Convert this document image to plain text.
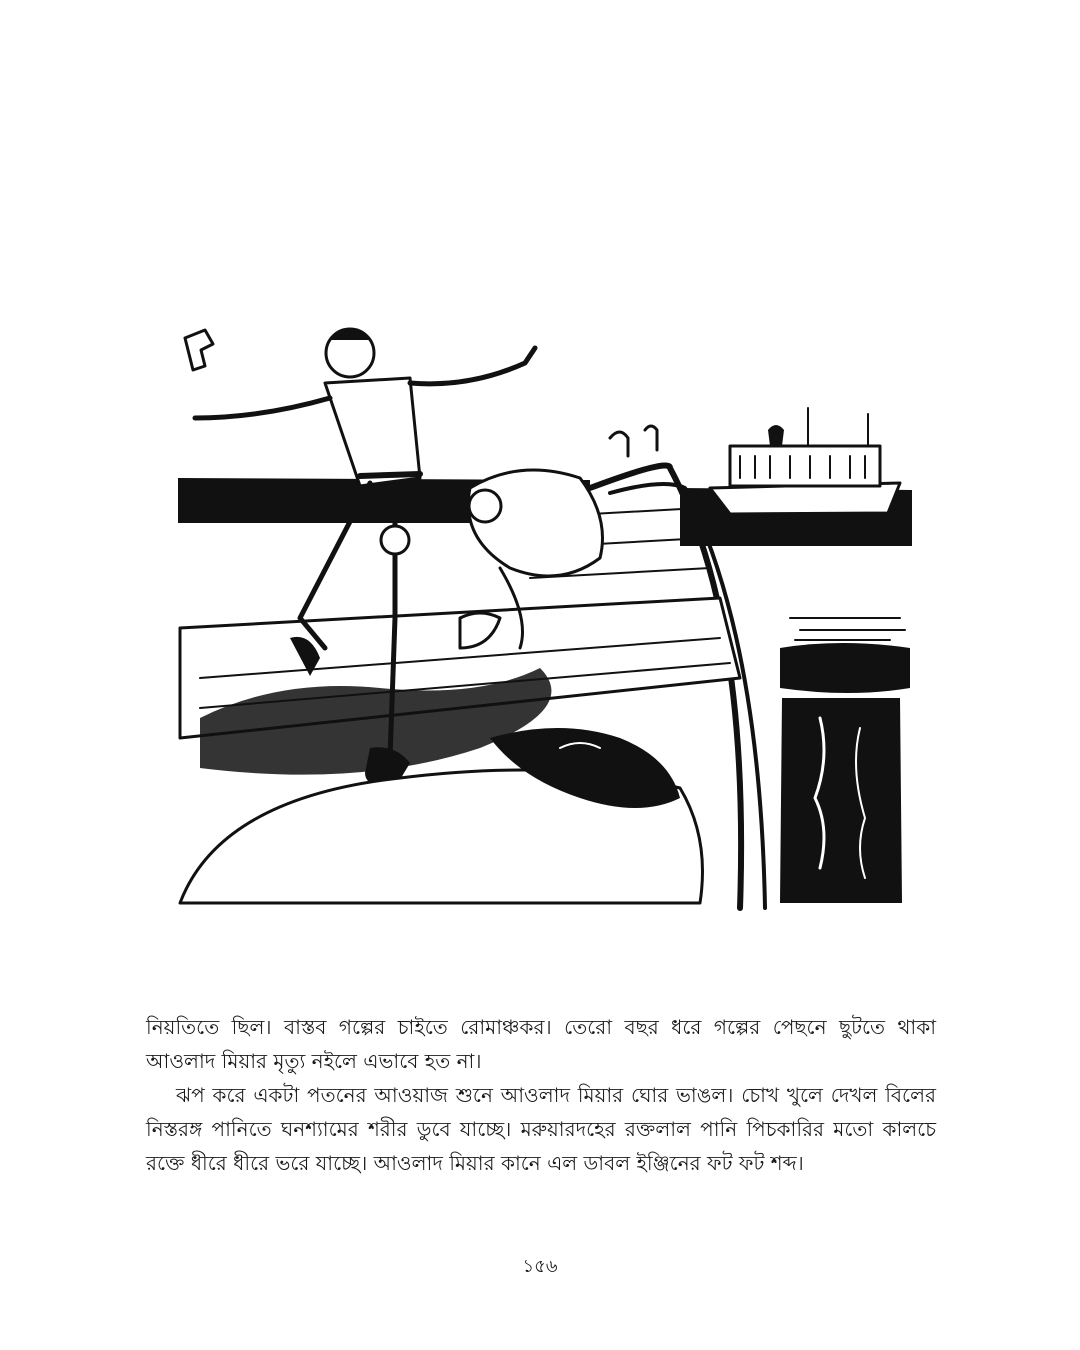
নিয়তিতে ছিল। বাস্তব গল্পের চাইতে রোমাঞ্চকর। তেরো বছর ধরে গল্পের পেছনে ছুটতে থাকা আওলাদ মিয়ার মৃত্যু নইলে এভাবে হত না।

ঝপ করে একটা পতনের আওয়াজ শুনে আওলাদ মিয়ার ঘোর ভাঙল। চোখ খুলে দেখল বিলের নিস্তরঙ্গ পানিতে ঘনশ্যামের শরীর ডুবে যাচ্ছে। মরুয়ারদহের রক্তলাল পানি পিচকারির মতো কালচে রক্তে ধীরে ধীরে ভরে যাচ্ছে। আওলাদ মিয়ার কানে এল ডাবল ইঞ্জিনের ফট ফট শব্দ।

১৫৬
